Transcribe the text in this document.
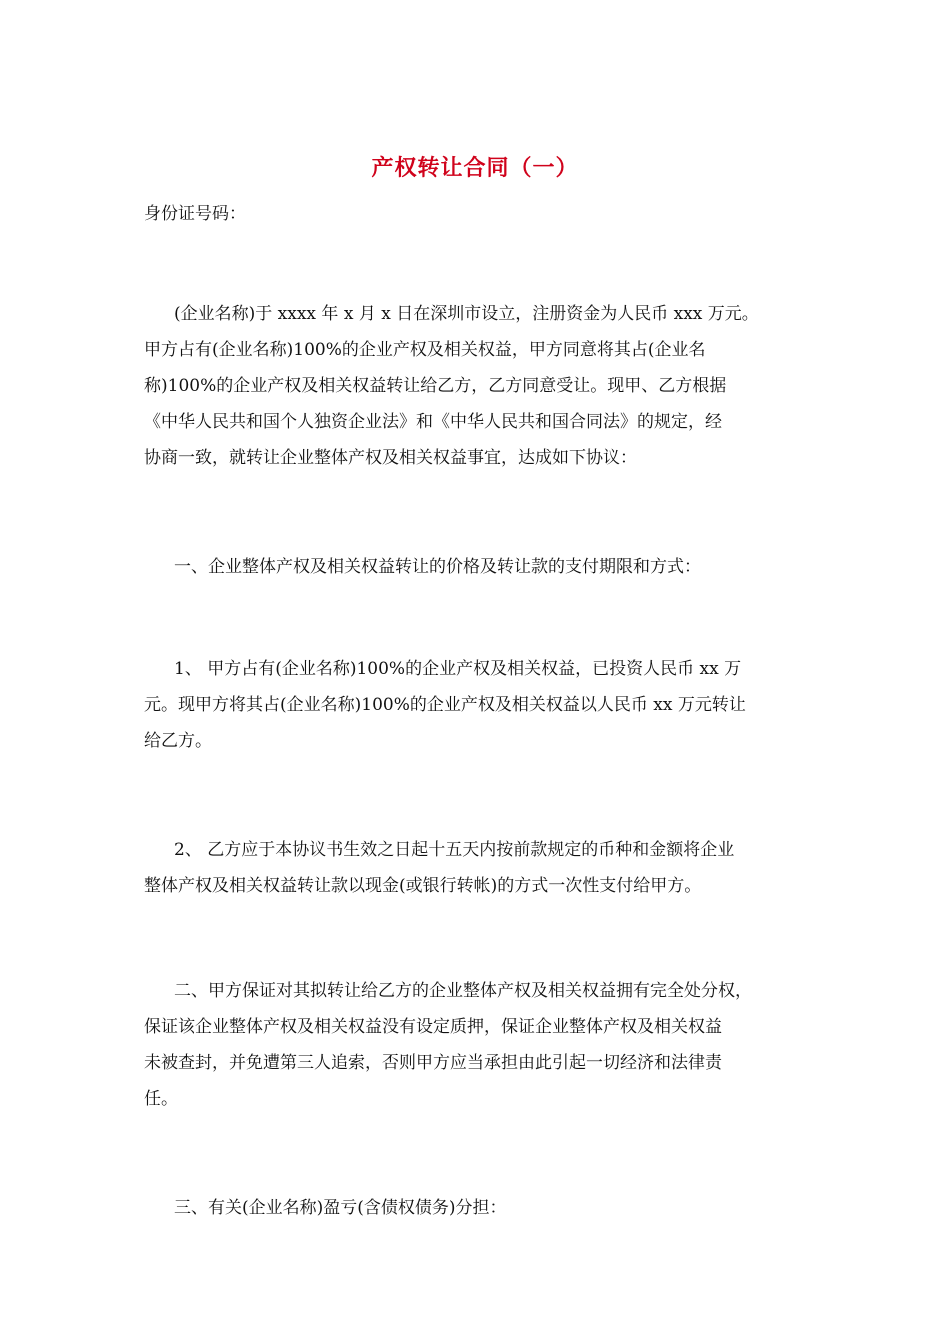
产权转让合同（一）
身份证号码：
(企业名称)于 xxxx 年 x 月 x 日在深圳市设立，注册资金为人民币 xxx 万元。
甲方占有(企业名称)100%的企业产权及相关权益，甲方同意将其占(企业名
称)100%的企业产权及相关权益转让给乙方，乙方同意受让。现甲、乙方根据
《中华人民共和国个人独资企业法》和《中华人民共和国合同法》的规定，经
协商一致，就转让企业整体产权及相关权益事宜，达成如下协议：
一、企业整体产权及相关权益转让的价格及转让款的支付期限和方式：
1、 甲方占有(企业名称)100%的企业产权及相关权益，已投资人民币 xx 万
元。现甲方将其占(企业名称)100%的企业产权及相关权益以人民币 xx 万元转让
给乙方。
2、 乙方应于本协议书生效之日起十五天内按前款规定的币种和金额将企业
整体产权及相关权益转让款以现金(或银行转帐)的方式一次性支付给甲方。
二、甲方保证对其拟转让给乙方的企业整体产权及相关权益拥有完全处分权，
保证该企业整体产权及相关权益没有设定质押，保证企业整体产权及相关权益
未被查封，并免遭第三人追索，否则甲方应当承担由此引起一切经济和法律责
任。
三、有关(企业名称)盈亏(含债权债务)分担：
